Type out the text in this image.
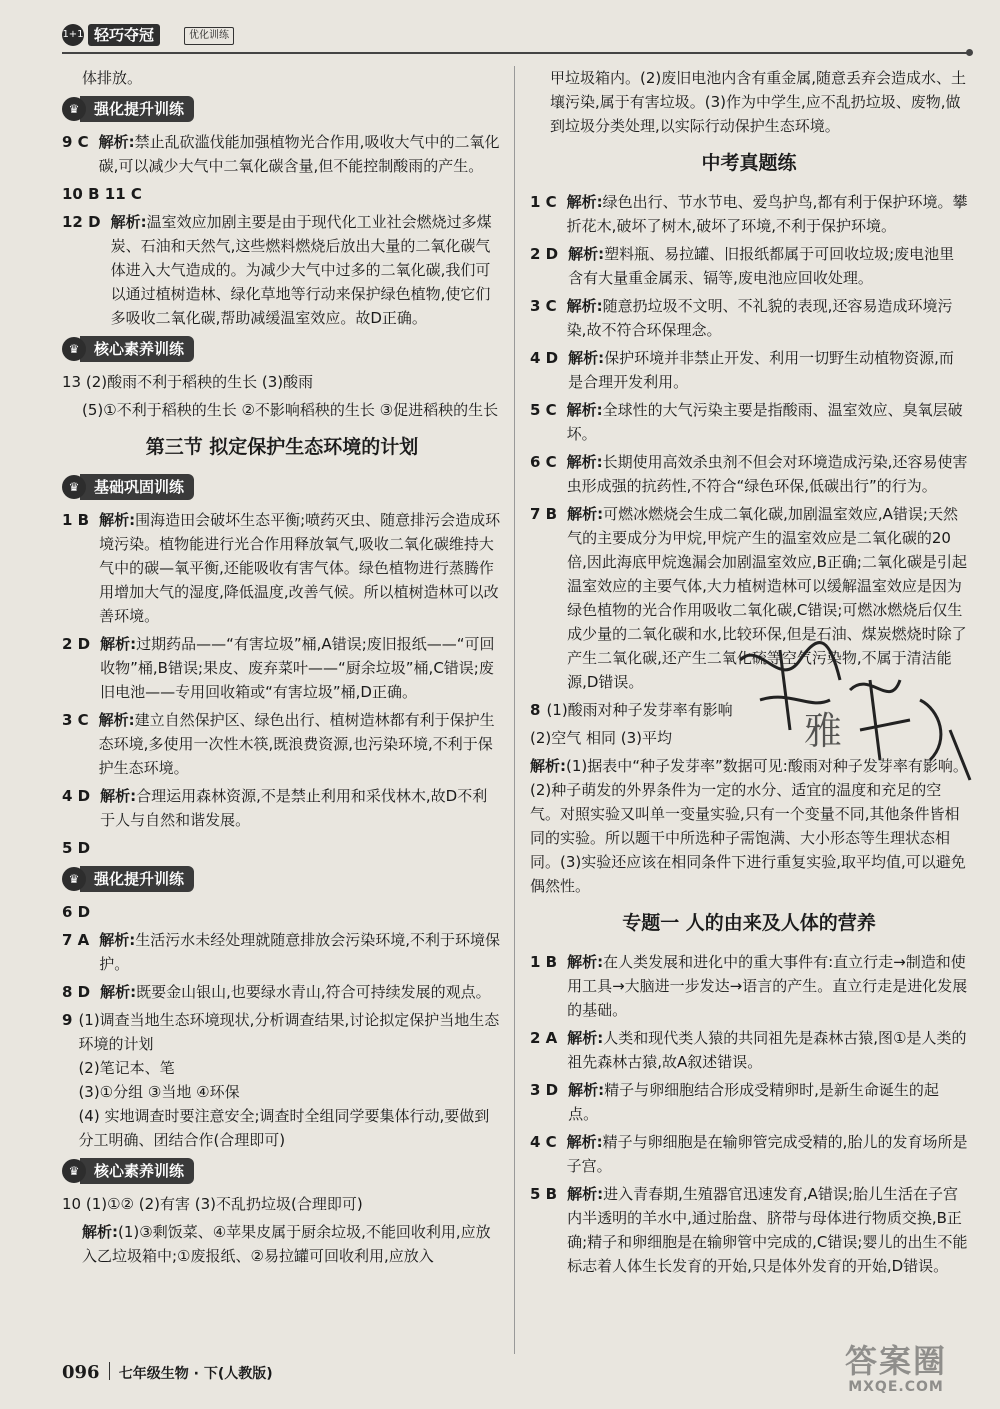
1+1 轻巧夺冠	优化训练

体排放。

♛ 强化提升训练
9 C 解析:禁止乱砍滥伐能加强植物光合作用,吸收大气中的二氧化碳,可以减少大气中二氧化碳含量,但不能控制酸雨的产生。

10 B 11 C

12 D 解析:温室效应加剧主要是由于现代化工业社会燃烧过多煤炭、石油和天然气,这些燃料燃烧后放出大量的二氧化碳气体进入大气造成的。为减少大气中过多的二氧化碳,我们可以通过植树造林、绿化草地等行动来保护绿色植物,使它们多吸收二氧化碳,帮助减缓温室效应。故D正确。
♛ 核心素养训练

13 (2)酸雨不利于稻秧的生长 (3)酸雨

(5)①不利于稻秧的生长 ②不影响稻秧的生长 ③促进稻秧的生长

第三节 拟定保护生态环境的计划
♛ 基础巩固训练
1 B 解析:围海造田会破坏生态平衡;喷药灭虫、随意排污会造成环境污染。植物能进行光合作用释放氧气,吸收二氧化碳维持大气中的碳—氧平衡,还能吸收有害气体。绿色植物进行蒸腾作用增加大气的湿度,降低温度,改善气候。所以植树造林可以改善环境。
2 D 解析:过期药品——“有害垃圾”桶,A错误;废旧报纸——“可回收物”桶,B错误;果皮、废弃菜叶——“厨余垃圾”桶,C错误;废旧电池——专用回收箱或“有害垃圾”桶,D正确。
3 C 解析:建立自然保护区、绿色出行、植树造林都有利于保护生态环境,多使用一次性木筷,既浪费资源,也污染环境,不利于保护生态环境。
4 D 解析:合理运用森林资源,不是禁止利用和采伐林木,故D不利于人与自然和谐发展。

5 D

♛ 强化提升训练

6 D

7 A 解析:生活污水未经处理就随意排放会污染环境,不利于环境保护。
8 D 解析:既要金山银山,也要绿水青山,符合可持续发展的观点。
9 (1)调查当地生态环境现状,分析调查结果,讨论拟定保护当地生态环境的计划
(2)笔记本、笔
(3)①分组 ③当地 ④环保
(4) 实地调查时要注意安全;调查时全组同学要集体行动,要做到分工明确、团结合作(合理即可)
♛ 核心素养训练

10 (1)①② (2)有害 (3)不乱扔垃圾(合理即可)

解析:(1)③剩饭菜、④苹果皮属于厨余垃圾,不能回收利用,应放入乙垃圾箱中;①废报纸、②易拉罐可回收利用,应放入

甲垃圾箱内。(2)废旧电池内含有重金属,随意丢弃会造成水、土壤污染,属于有害垃圾。(3)作为中学生,应不乱扔垃圾、废物,做到垃圾分类处理,以实际行动保护生态环境。

中考真题练
1 C 解析:绿色出行、节水节电、爱鸟护鸟,都有利于保护环境。攀折花木,破坏了树木,破坏了环境,不利于保护环境。
2 D 解析:塑料瓶、易拉罐、旧报纸都属于可回收垃圾;废电池里含有大量重金属汞、镉等,废电池应回收处理。
3 C 解析:随意扔垃圾不文明、不礼貌的表现,还容易造成环境污染,故不符合环保理念。
4 D 解析:保护环境并非禁止开发、利用一切野生动植物资源,而是合理开发利用。
5 C 解析:全球性的大气污染主要是指酸雨、温室效应、臭氧层破坏。
6 C 解析:长期使用高效杀虫剂不但会对环境造成污染,还容易使害虫形成强的抗药性,不符合“绿色环保,低碳出行”的行为。
7 B 解析:可燃冰燃烧会生成二氧化碳,加剧温室效应,A错误;天然气的主要成分为甲烷,甲烷产生的温室效应是二氧化碳的20倍,因此海底甲烷逸漏会加剧温室效应,B正确;二氧化碳是引起温室效应的主要气体,大力植树造林可以缓解温室效应是因为绿色植物的光合作用吸收二氧化碳,C错误;可燃冰燃烧后仅生成少量的二氧化碳和水,比较环保,但是石油、煤炭燃烧时除了产生二氧化碳,还产生二氧化硫等空气污染物,不属于清洁能源,D错误。
8 (1)酸雨对种子发芽率有影响

(2)空气 相同 (3)平均

解析:(1)据表中“种子发芽率”数据可见:酸雨对种子发芽率有影响。(2)种子萌发的外界条件为一定的水分、适宜的温度和充足的空气。对照实验又叫单一变量实验,只有一个变量不同,其他条件皆相同的实验。所以题干中所选种子需饱满、大小形态等生理状态相同。(3)实验还应该在相同条件下进行重复实验,取平均值,可以避免偶然性。

专题一 人的由来及人体的营养
1 B 解析:在人类发展和进化中的重大事件有:直立行走→制造和使用工具→大脑进一步发达→语言的产生。直立行走是进化发展的基础。
2 A 解析:人类和现代类人猿的共同祖先是森林古猿,图①是人类的祖先森林古猿,故A叙述错误。
3 D 解析:精子与卵细胞结合形成受精卵时,是新生命诞生的起点。
4 C 解析:精子与卵细胞是在输卵管完成受精的,胎儿的发育场所是子宫。
5 B 解析:进入青春期,生殖器官迅速发育,A错误;胎儿生活在子宫内半透明的羊水中,通过胎盘、脐带与母体进行物质交换,B正确;精子和卵细胞是在输卵管中完成的,C错误;婴儿的出生不能标志着人体生长发育的开始,只是体外发育的开始,D错误。
雅
096 七年级生物 · 下(人教版)	答案圈
MXQE.COM
